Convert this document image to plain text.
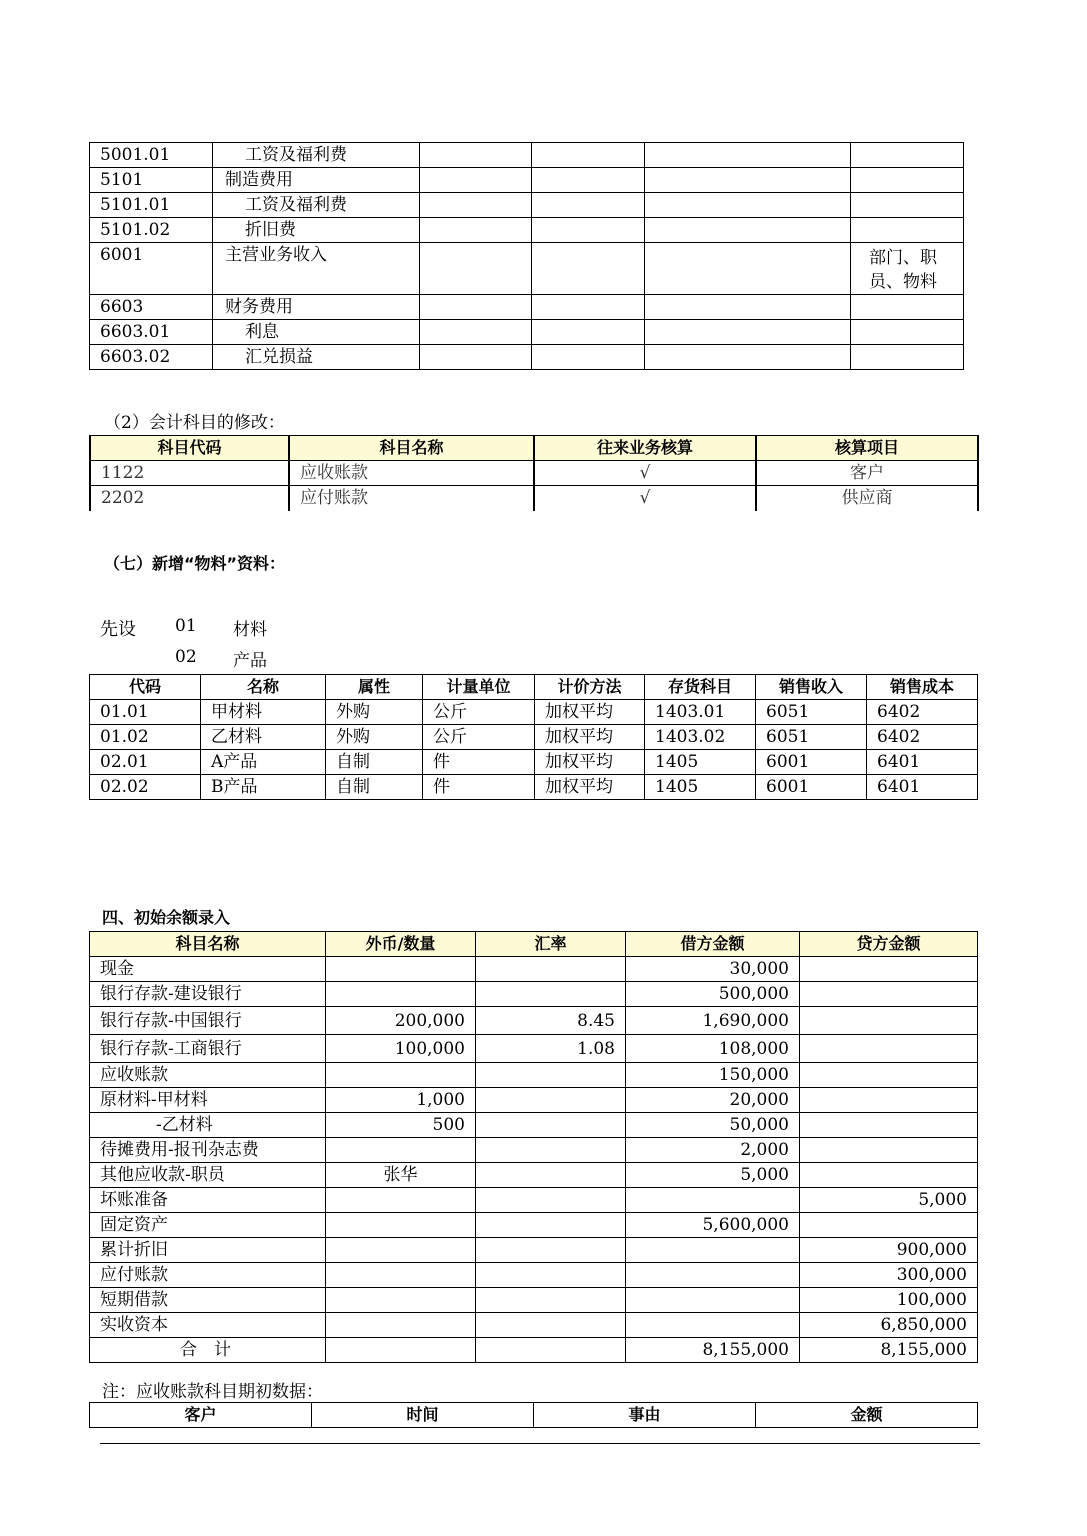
5001.01	工资及福利费				
5101	制造费用				
5101.01	工资及福利费				
5101.02	折旧费				
6001	主营业务收入				部门、职
员、物料

6603	财务费用				
6603.01	利息				
6603.02	汇兑损益				
（2）会计科目的修改：
科目代码	科目名称	往来业务核算	核算项目
1122	应收账款	√	客户
2202	应付账款	√	供应商
（七）新增“物料”资料：
先设 01 材料
02 产品
代码	名称	属性	计量单位	计价方法	存货科目	销售收入	销售成本
01.01	甲材料	外购	公斤	加权平均	1403.01	6051	6402
01.02	乙材料	外购	公斤	加权平均	1403.02	6051	6402
02.01	A产品	自制	件	加权平均	1405	6001	6401
02.02	B产品	自制	件	加权平均	1405	6001	6401
四、初始余额录入
科目名称	外币/数量	汇率	借方金额	贷方金额
现金			30,000	
银行存款-建设银行			500,000	
银行存款-中国银行	200,000	8.45	1,690,000	
银行存款-工商银行	100,000	1.08	108,000	
应收账款			150,000	
原材料-甲材料	1,000		20,000	
-乙材料	500		50,000	
待摊费用-报刊杂志费			2,000	
其他应收款-职员	张华		5,000	
坏账准备				5,000
固定资产			5,600,000	
累计折旧				900,000
应付账款				300,000
短期借款				100,000
实收资本				6,850,000
合　计			8,155,000	8,155,000
注：应收账款科目期初数据：
客户	时间	事由	金额
